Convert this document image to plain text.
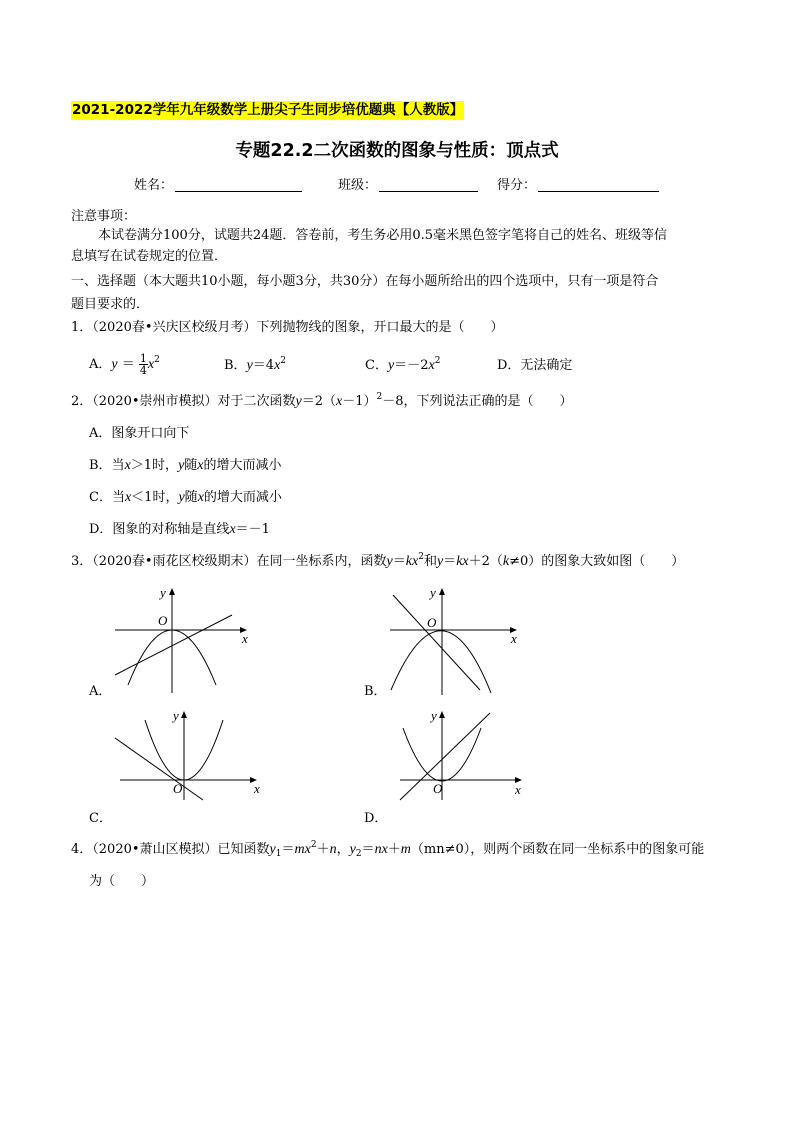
2021-2022学年九年级数学上册尖子生同步培优题典【人教版】
专题22.2二次函数的图象与性质：顶点式
姓名：	班级：	得分：
注意事项：
本试卷满分100分，试题共24题．答卷前，考生务必用0.5毫米黑色签字笔将自己的姓名、班级等信
息填写在试卷规定的位置．
一、选择题（本大题共10小题，每小题3分，共30分）在每小题所给出的四个选项中，只有一项是符合
题目要求的．
1．（2020春•兴庆区校级月考）下列抛物线的图象，开口最大的是（　　）
A．$y = \frac{1}{4} x^2$	B．$y=4x^2$	C．$y=-2x^2$	D．无法确定
2．（2020•崇州市模拟）对于二次函数$y=2(x-1)^2-8$，下列说法正确的是（　　）
A．图象开口向下
B．当x＞1时，y随x的增大而减小
C．当x＜1时，y随x的增大而减小
D．图象的对称轴是直线x＝－1
3．（2020春•雨花区校级期末）在同一坐标系内，函数$y=kx^2$和y＝kx＋2（k≠0）的图象大致如图（　　）
x
y
O
A．
x
y
O
B．
x
y
O
C．
x
y
O
D．
4．（2020•萧山区模拟）已知函数$y_1=mx^2+n$，$y_2=nx+m(mn\ne 0)$，则两个函数在同一坐标系中的图象可能
为（　　）
